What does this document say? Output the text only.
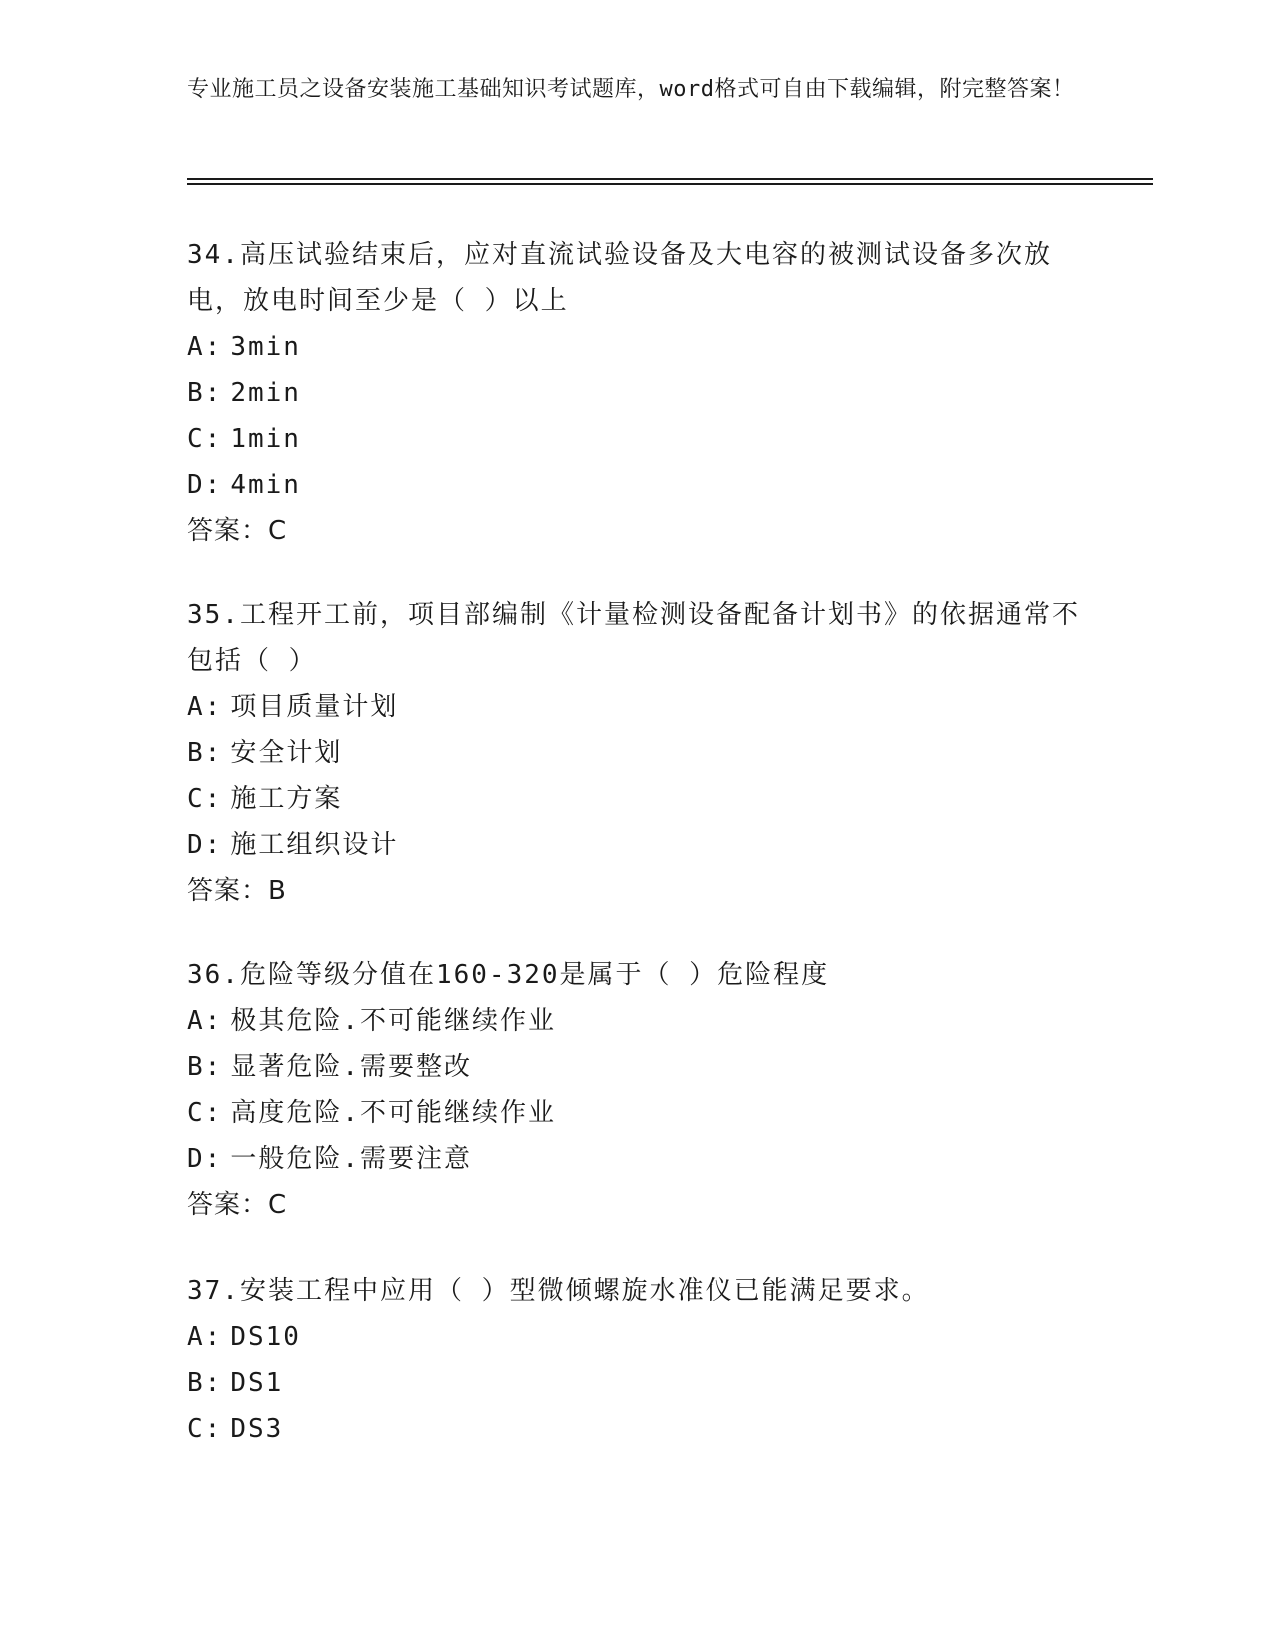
专业施工员之设备安装施工基础知识考试题库，word格式可自由下载编辑，附完整答案！
34.高压试验结束后，应对直流试验设备及大电容的被测试设备多次放电，放电时间至少是（ ）以上
A: 3min
B: 2min
C: 1min
D: 4min
答案：C
35.工程开工前，项目部编制《计量检测设备配备计划书》的依据通常不包括（ ）
A: 项目质量计划
B: 安全计划
C: 施工方案
D: 施工组织设计
答案：B
36.危险等级分值在160-320是属于（ ）危险程度
A: 极其危险.不可能继续作业
B: 显著危险.需要整改
C: 高度危险.不可能继续作业
D: 一般危险.需要注意
答案：C
37.安装工程中应用（ ）型微倾螺旋水准仪已能满足要求。
A: DS10
B: DS1
C: DS3
